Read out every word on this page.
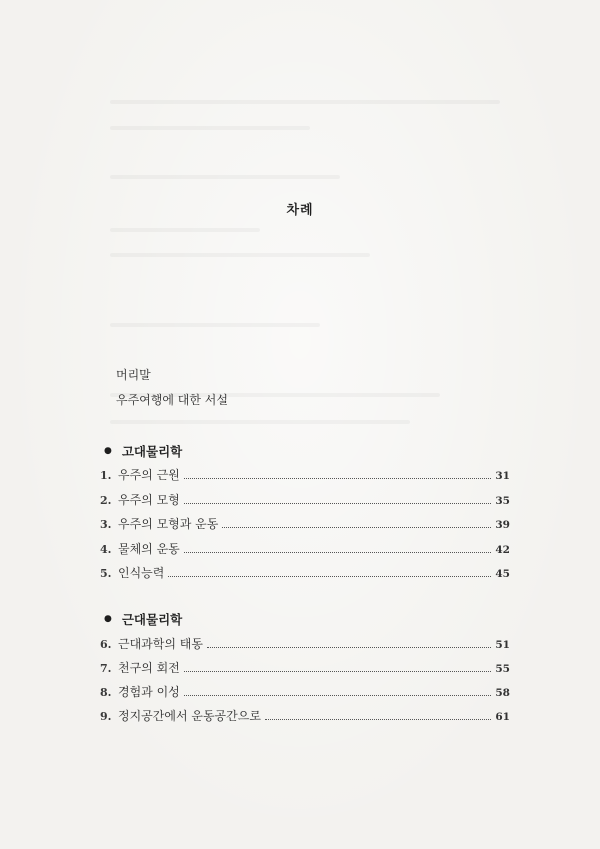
차례
머리말
우주여행에 대한 서설
● 고대물리학
1. 우주의 근원	31
2. 우주의 모형	35
3. 우주의 모형과 운동	39
4. 물체의 운동	42
5. 인식능력	45
● 근대물리학
6. 근대과학의 태동	51
7. 천구의 회전	55
8. 경험과 이성	58
9. 정지공간에서 운동공간으로	61
